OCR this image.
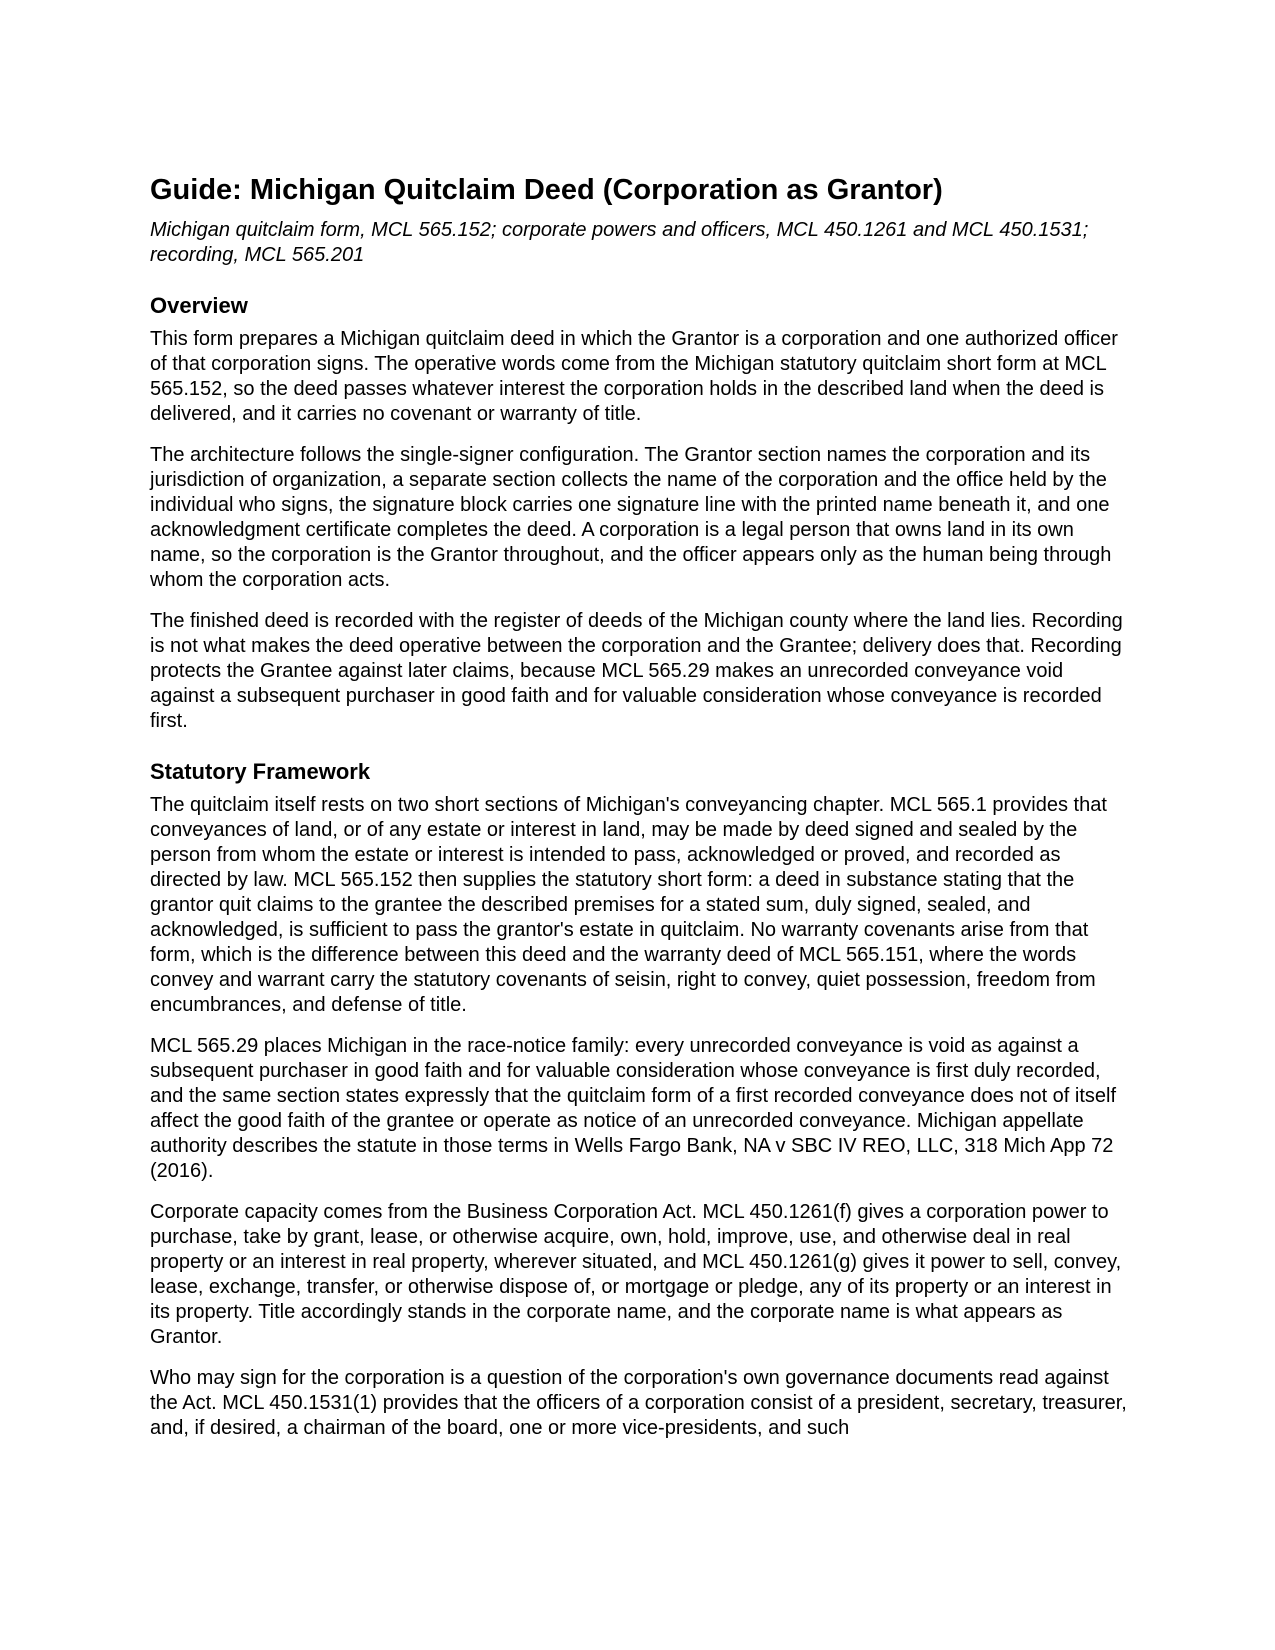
Guide: Michigan Quitclaim Deed (Corporation as Grantor)

Michigan quitclaim form, MCL 565.152; corporate powers and officers, MCL 450.1261 and MCL 450.1531; recording, MCL 565.201

Overview

This form prepares a Michigan quitclaim deed in which the Grantor is a corporation and one authorized officer of that corporation signs. The operative words come from the Michigan statutory quitclaim short form at MCL 565.152, so the deed passes whatever interest the corporation holds in the described land when the deed is delivered, and it carries no covenant or warranty of title.

The architecture follows the single-signer configuration. The Grantor section names the corporation and its jurisdiction of organization, a separate section collects the name of the corporation and the office held by the individual who signs, the signature block carries one signature line with the printed name beneath it, and one acknowledgment certificate completes the deed. A corporation is a legal person that owns land in its own name, so the corporation is the Grantor throughout, and the officer appears only as the human being through whom the corporation acts.

The finished deed is recorded with the register of deeds of the Michigan county where the land lies. Recording is not what makes the deed operative between the corporation and the Grantee; delivery does that. Recording protects the Grantee against later claims, because MCL 565.29 makes an unrecorded conveyance void against a subsequent purchaser in good faith and for valuable consideration whose conveyance is recorded first.

Statutory Framework

The quitclaim itself rests on two short sections of Michigan's conveyancing chapter. MCL 565.1 provides that conveyances of land, or of any estate or interest in land, may be made by deed signed and sealed by the person from whom the estate or interest is intended to pass, acknowledged or proved, and recorded as directed by law. MCL 565.152 then supplies the statutory short form: a deed in substance stating that the grantor quit claims to the grantee the described premises for a stated sum, duly signed, sealed, and acknowledged, is sufficient to pass the grantor's estate in quitclaim. No warranty covenants arise from that form, which is the difference between this deed and the warranty deed of MCL 565.151, where the words convey and warrant carry the statutory covenants of seisin, right to convey, quiet possession, freedom from encumbrances, and defense of title.

MCL 565.29 places Michigan in the race-notice family: every unrecorded conveyance is void as against a subsequent purchaser in good faith and for valuable consideration whose conveyance is first duly recorded, and the same section states expressly that the quitclaim form of a first recorded conveyance does not of itself affect the good faith of the grantee or operate as notice of an unrecorded conveyance. Michigan appellate authority describes the statute in those terms in Wells Fargo Bank, NA v SBC IV REO, LLC, 318 Mich App 72 (2016).

Corporate capacity comes from the Business Corporation Act. MCL 450.1261(f) gives a corporation power to purchase, take by grant, lease, or otherwise acquire, own, hold, improve, use, and otherwise deal in real property or an interest in real property, wherever situated, and MCL 450.1261(g) gives it power to sell, convey, lease, exchange, transfer, or otherwise dispose of, or mortgage or pledge, any of its property or an interest in its property. Title accordingly stands in the corporate name, and the corporate name is what appears as Grantor.

Who may sign for the corporation is a question of the corporation's own governance documents read against the Act. MCL 450.1531(1) provides that the officers of a corporation consist of a president, secretary, treasurer, and, if desired, a chairman of the board, one or more vice-presidents, and such
